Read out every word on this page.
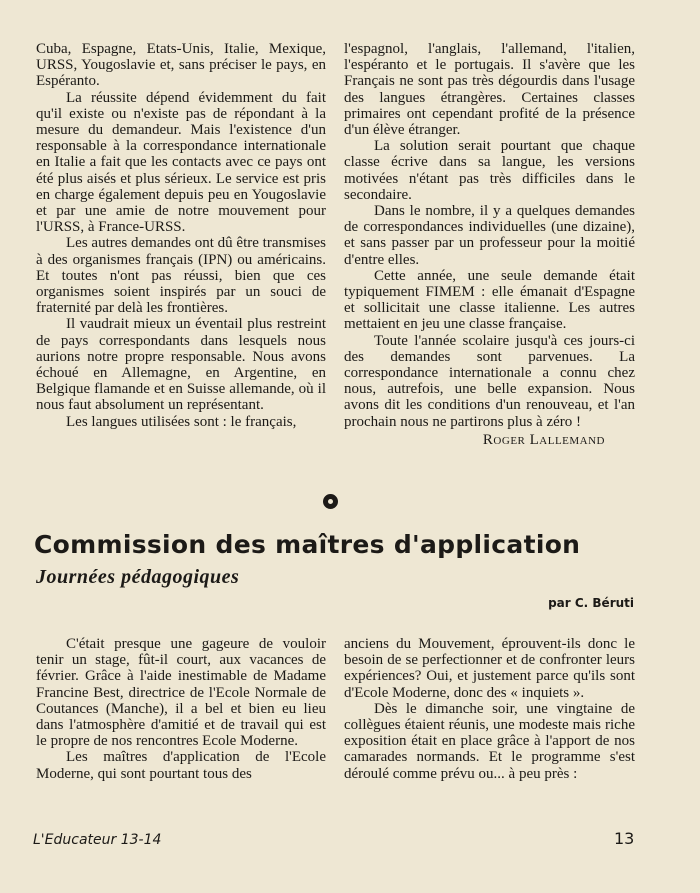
Cuba, Espagne, Etats-Unis, Italie, Mexique, URSS, Yougoslavie et, sans préciser le pays, en Espéranto.

La réussite dépend évidemment du fait qu'il existe ou n'existe pas de répondant à la mesure du demandeur. Mais l'existence d'un responsable à la correspondance internationale en Italie a fait que les contacts avec ce pays ont été plus aisés et plus sérieux. Le service est pris en charge également depuis peu en Yougoslavie et par une amie de notre mouvement pour l'URSS, à France-URSS.

Les autres demandes ont dû être transmises à des organismes français (IPN) ou américains. Et toutes n'ont pas réussi, bien que ces organismes soient inspirés par un souci de fraternité par delà les frontières.

Il vaudrait mieux un éventail plus restreint de pays correspondants dans lesquels nous aurions notre propre responsable. Nous avons échoué en Allemagne, en Argentine, en Belgique flamande et en Suisse allemande, où il nous faut absolument un représentant.

Les langues utilisées sont : le français,

l'espagnol, l'anglais, l'allemand, l'italien, l'espéranto et le portugais. Il s'avère que les Français ne sont pas très dégourdis dans l'usage des langues étrangères. Certaines classes primaires ont cependant profité de la présence d'un élève étranger.

La solution serait pourtant que chaque classe écrive dans sa langue, les versions motivées n'étant pas très difficiles dans le secondaire.

Dans le nombre, il y a quelques demandes de correspondances individuelles (une dizaine), et sans passer par un professeur pour la moitié d'entre elles.

Cette année, une seule demande était typiquement FIMEM : elle émanait d'Espagne et sollicitait une classe italienne. Les autres mettaient en jeu une classe française.

Toute l'année scolaire jusqu'à ces jours-ci des demandes sont parvenues. La correspondance internationale a connu chez nous, autrefois, une belle expansion. Nous avons dit les conditions d'un renouveau, et l'an prochain nous ne partirons plus à zéro !

Roger Lallemand
Commission des maîtres d'application
Journées pédagogiques
par C. Béruti

C'était presque une gageure de vouloir tenir un stage, fût-il court, aux vacances de février. Grâce à l'aide inestimable de Madame Francine Best, directrice de l'Ecole Normale de Coutances (Manche), il a bel et bien eu lieu dans l'atmosphère d'amitié et de travail qui est le propre de nos rencontres Ecole Moderne.

Les maîtres d'application de l'Ecole Moderne, qui sont pourtant tous des

anciens du Mouvement, éprouvent-ils donc le besoin de se perfectionner et de confronter leurs expériences? Oui, et justement parce qu'ils sont d'Ecole Moderne, donc des « inquiets ».

Dès le dimanche soir, une vingtaine de collègues étaient réunis, une modeste mais riche exposition était en place grâce à l'apport de nos camarades normands. Et le programme s'est déroulé comme prévu ou... à peu près :

L'Educateur 13-14	13
